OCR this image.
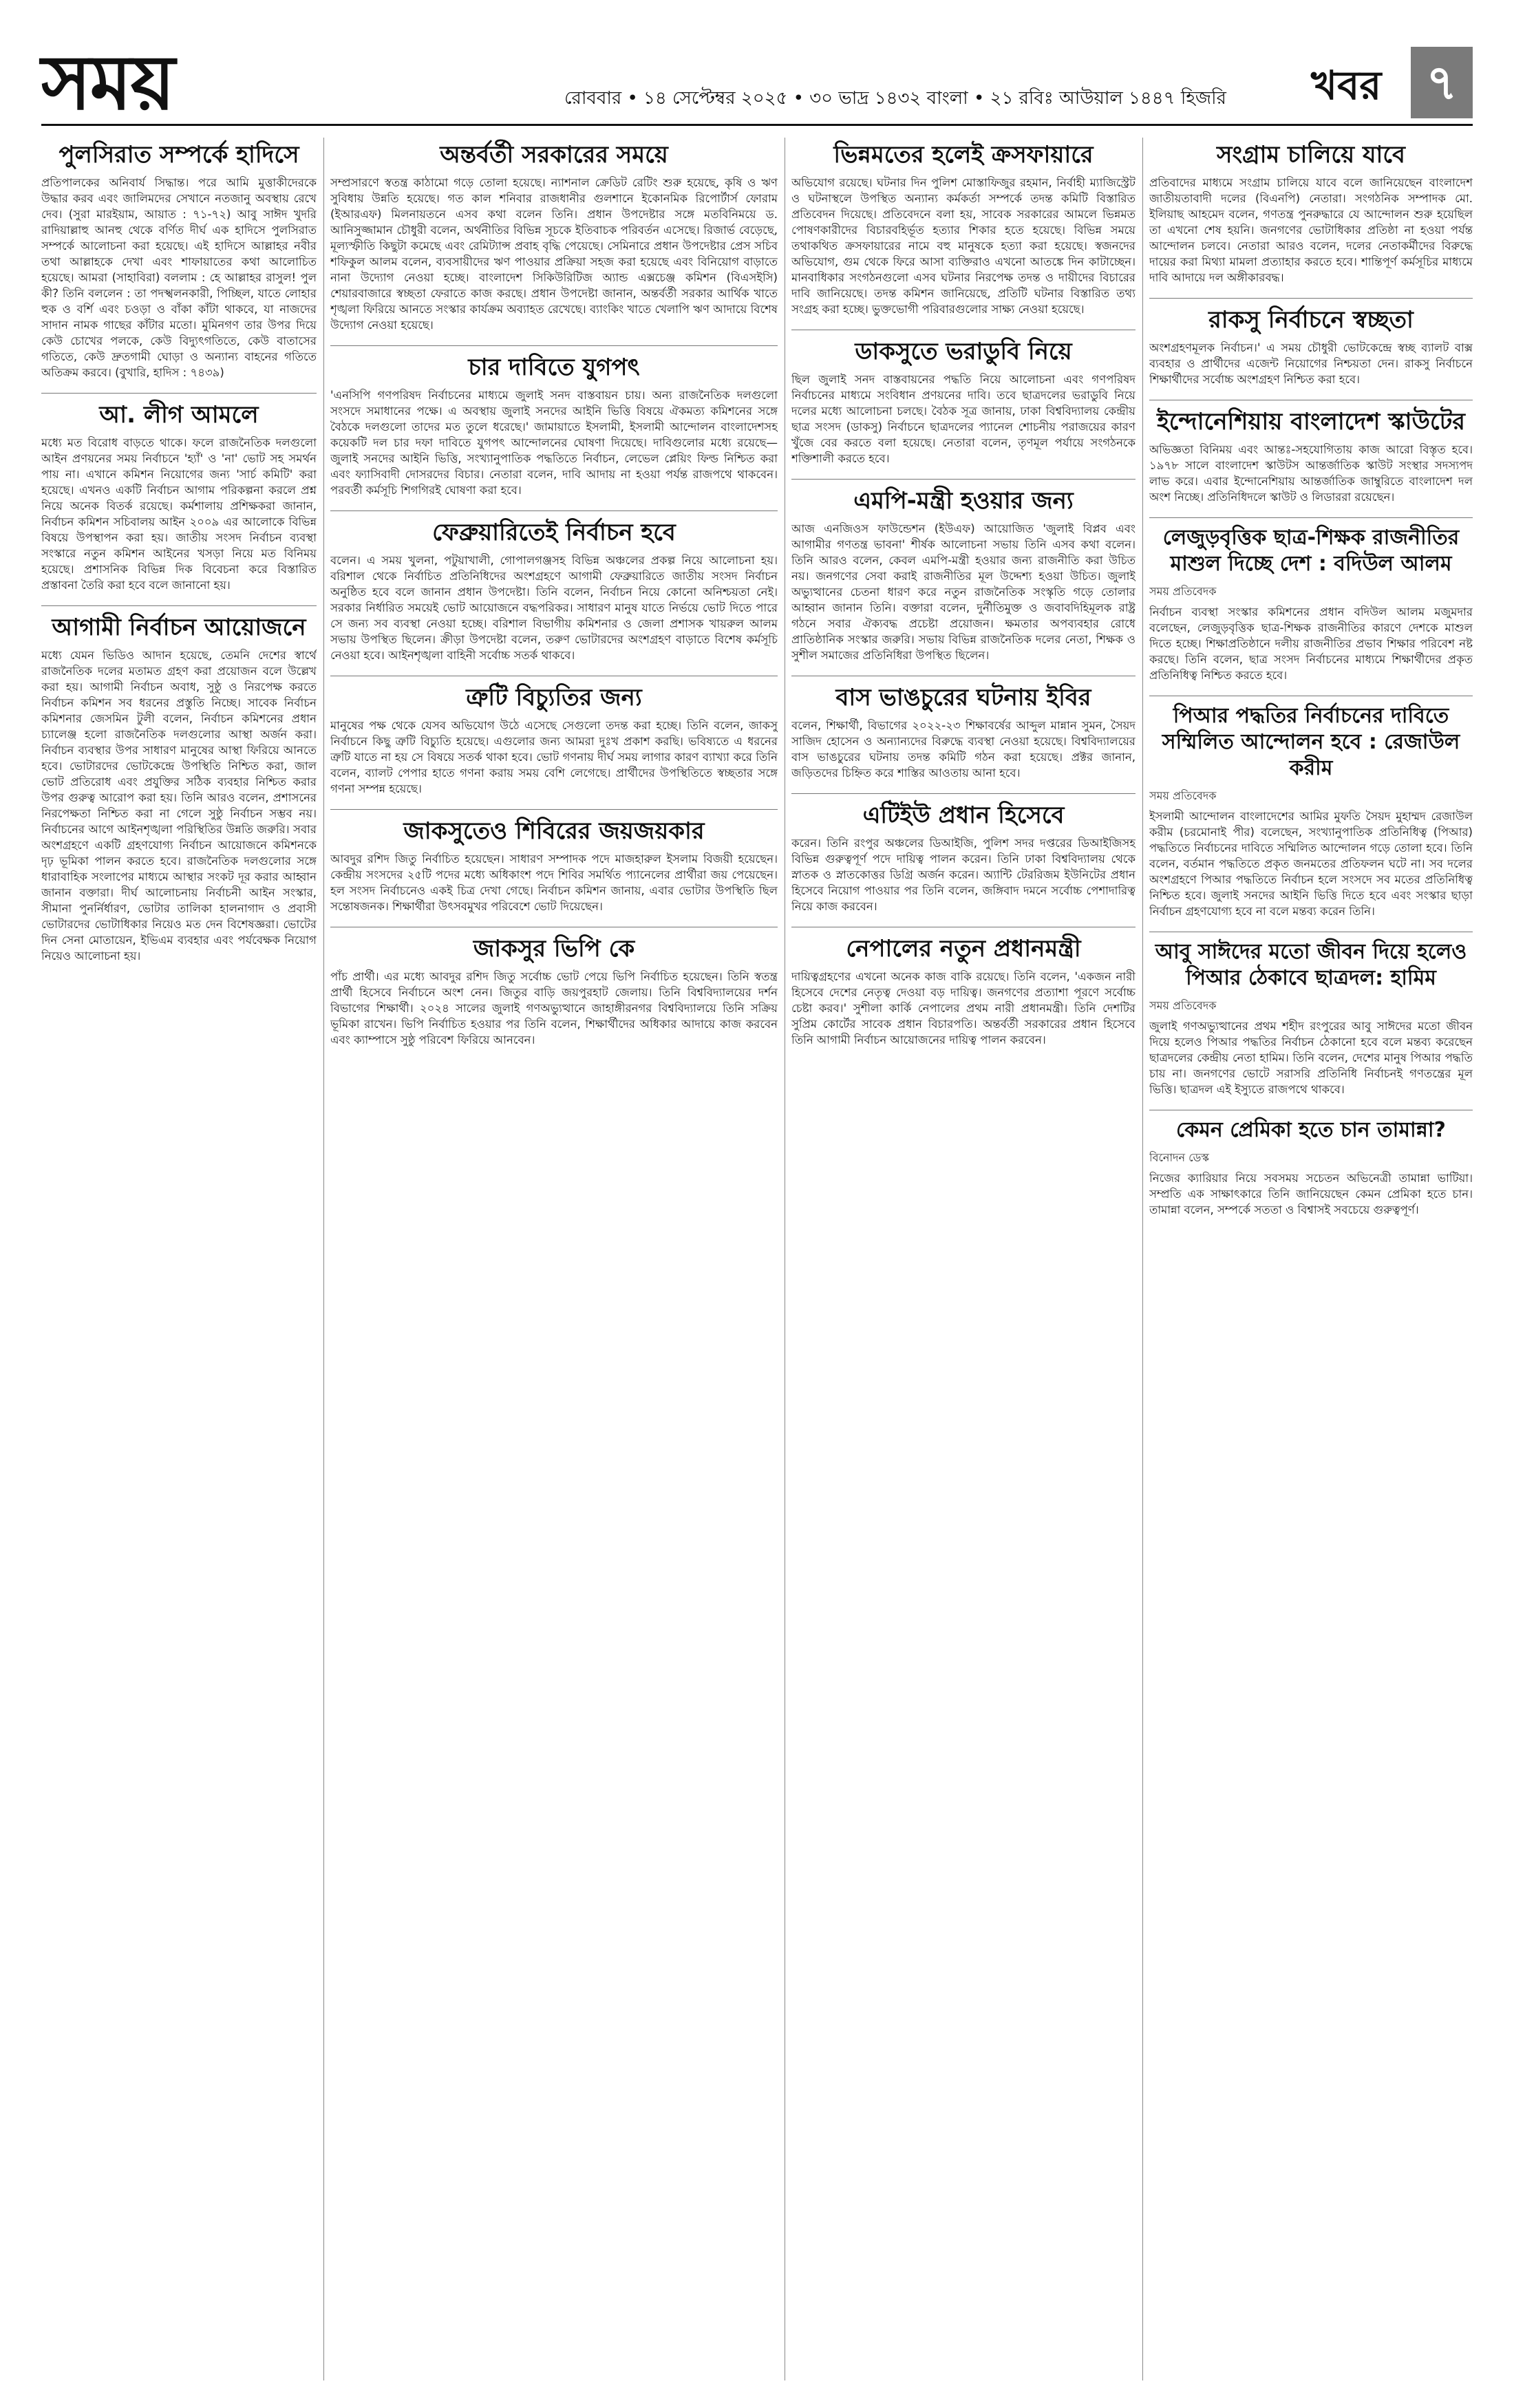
সময়	রোববার • ১৪ সেপ্টেম্বর ২০২৫ • ৩০ ভাদ্র ১৪৩২ বাংলা • ২১ রবিঃ আউয়াল ১৪৪৭ হিজরি খবর ৭
পুলসিরাত সম্পর্কে হাদিসে
প্রতিপালকের অনিবার্য সিদ্ধান্ত। পরে আমি মুত্তাকীদেরকে উদ্ধার করব এবং জালিমদের সেখানে নতজানু অবস্থায় রেখে দেব। (সুরা মারইয়াম, আয়াত : ৭১-৭২) আবু সাঈদ খুদরি রাদিয়াল্লাহু আনহু থেকে বর্ণিত দীর্ঘ এক হাদিসে পুলসিরাত সম্পর্কে আলোচনা করা হয়েছে। এই হাদিসে আল্লাহর নবীর তথা আল্লাহকে দেখা এবং শাফায়াতের কথা আলোচিত হয়েছে। আমরা (সাহাবিরা) বললাম : হে আল্লাহর রাসুল! পুল কী? তিনি বললেন : তা পদস্খলনকারী, পিচ্ছিল, যাতে লোহার হুক ও বর্শি এবং চওড়া ও বাঁকা কাঁটা থাকবে, যা নাজদের সাদান নামক গাছের কাঁটার মতো। মুমিনগণ তার উপর দিয়ে কেউ চোখের পলকে, কেউ বিদ্যুৎগতিতে, কেউ বাতাসের গতিতে, কেউ দ্রুতগামী ঘোড়া ও অন্যান্য বাহনের গতিতে অতিক্রম করবে। (বুখারি, হাদিস : ৭৪৩৯)
আ. লীগ আমলে
মধ্যে মত বিরোধ বাড়তে থাকে। ফলে রাজনৈতিক দলগুলো আইন প্রণয়নের সময় নির্বাচনে 'হ্যাঁ' ও 'না' ভোট সহ সমর্থন পায় না। এখানে কমিশন নিয়োগের জন্য 'সার্চ কমিটি' করা হয়েছে। এখনও একটি নির্বাচন আগাম পরিকল্পনা করলে প্রশ্ন নিয়ে অনেক বিতর্ক রয়েছে। কর্মশালায় প্রশিক্ষকরা জানান, নির্বাচন কমিশন সচিবালয় আইন ২০০৯ এর আলোকে বিভিন্ন বিষয়ে উপস্থাপন করা হয়। জাতীয় সংসদ নির্বাচন ব্যবস্থা সংস্কারে নতুন কমিশন আইনের খসড়া নিয়ে মত বিনিময় হয়েছে। প্রশাসনিক বিভিন্ন দিক বিবেচনা করে বিস্তারিত প্রস্তাবনা তৈরি করা হবে বলে জানানো হয়।
আগামী নির্বাচন আয়োজনে
মধ্যে যেমন ভিডিও আদান হয়েছে, তেমনি দেশের স্বার্থে রাজনৈতিক দলের মতামত গ্রহণ করা প্রয়োজন বলে উল্লেখ করা হয়। আগামী নির্বাচন অবাধ, সুষ্ঠু ও নিরপেক্ষ করতে নির্বাচন কমিশন সব ধরনের প্রস্তুতি নিচ্ছে। সাবেক নির্বাচন কমিশনার জেসমিন টুলী বলেন, নির্বাচন কমিশনের প্রধান চ্যালেঞ্জ হলো রাজনৈতিক দলগুলোর আস্থা অর্জন করা। নির্বাচন ব্যবস্থার উপর সাধারণ মানুষের আস্থা ফিরিয়ে আনতে হবে। ভোটারদের ভোটকেন্দ্রে উপস্থিতি নিশ্চিত করা, জাল ভোট প্রতিরোধ এবং প্রযুক্তির সঠিক ব্যবহার নিশ্চিত করার উপর গুরুত্ব আরোপ করা হয়। তিনি আরও বলেন, প্রশাসনের নিরপেক্ষতা নিশ্চিত করা না গেলে সুষ্ঠু নির্বাচন সম্ভব নয়। নির্বাচনের আগে আইনশৃঙ্খলা পরিস্থিতির উন্নতি জরুরি। সবার অংশগ্রহণে একটি গ্রহণযোগ্য নির্বাচন আয়োজনে কমিশনকে দৃঢ় ভূমিকা পালন করতে হবে। রাজনৈতিক দলগুলোর সঙ্গে ধারাবাহিক সংলাপের মাধ্যমে আস্থার সংকট দূর করার আহ্বান জানান বক্তারা। দীর্ঘ আলোচনায় নির্বাচনী আইন সংস্কার, সীমানা পুনর্নির্ধারণ, ভোটার তালিকা হালনাগাদ ও প্রবাসী ভোটারদের ভোটাধিকার নিয়েও মত দেন বিশেষজ্ঞরা। ভোটের দিন সেনা মোতায়েন, ইভিএম ব্যবহার এবং পর্যবেক্ষক নিয়োগ নিয়েও আলোচনা হয়।
অন্তর্বর্তী সরকারের সময়ে
সম্প্রসারণে স্বতন্ত্র কাঠামো গড়ে তোলা হয়েছে। ন্যাশনাল ক্রেডিট রেটিং শুরু হয়েছে, কৃষি ও ঋণ সুবিধায় উন্নতি হয়েছে। গত কাল শনিবার রাজধানীর গুলশানে ইকোনমিক রিপোর্টার্স ফোরাম (ইআরএফ) মিলনায়তনে এসব কথা বলেন তিনি। প্রধান উপদেষ্টার সঙ্গে মতবিনিময়ে ড. আনিসুজ্জামান চৌধুরী বলেন, অর্থনীতির বিভিন্ন সূচকে ইতিবাচক পরিবর্তন এসেছে। রিজার্ভ বেড়েছে, মূল্যস্ফীতি কিছুটা কমেছে এবং রেমিট্যান্স প্রবাহ বৃদ্ধি পেয়েছে। সেমিনারে প্রধান উপদেষ্টার প্রেস সচিব শফিকুল আলম বলেন, ব্যবসায়ীদের ঋণ পাওয়ার প্রক্রিয়া সহজ করা হয়েছে এবং বিনিয়োগ বাড়াতে নানা উদ্যোগ নেওয়া হচ্ছে। বাংলাদেশ সিকিউরিটিজ অ্যান্ড এক্সচেঞ্জ কমিশন (বিএসইসি) শেয়ারবাজারে স্বচ্ছতা ফেরাতে কাজ করছে। প্রধান উপদেষ্টা জানান, অন্তর্বর্তী সরকার আর্থিক খাতে শৃঙ্খলা ফিরিয়ে আনতে সংস্কার কার্যক্রম অব্যাহত রেখেছে। ব্যাংকিং খাতে খেলাপি ঋণ আদায়ে বিশেষ উদ্যোগ নেওয়া হয়েছে।
চার দাবিতে যুগপৎ
'এনসিপি গণপরিষদ নির্বাচনের মাধ্যমে জুলাই সনদ বাস্তবায়ন চায়। অন্য রাজনৈতিক দলগুলো সংসদে সমাধানের পক্ষে। এ অবস্থায় জুলাই সনদের আইনি ভিত্তি বিষয়ে ঐকমত্য কমিশনের সঙ্গে বৈঠকে দলগুলো তাদের মত তুলে ধরেছে।' জামায়াতে ইসলামী, ইসলামী আন্দোলন বাংলাদেশসহ কয়েকটি দল চার দফা দাবিতে যুগপৎ আন্দোলনের ঘোষণা দিয়েছে। দাবিগুলোর মধ্যে রয়েছে— জুলাই সনদের আইনি ভিত্তি, সংখ্যানুপাতিক পদ্ধতিতে নির্বাচন, লেভেল প্লেয়িং ফিল্ড নিশ্চিত করা এবং ফ্যাসিবাদী দোসরদের বিচার। নেতারা বলেন, দাবি আদায় না হওয়া পর্যন্ত রাজপথে থাকবেন। পরবর্তী কর্মসূচি শিগগিরই ঘোষণা করা হবে।
ফেব্রুয়ারিতেই নির্বাচন হবে
বলেন। এ সময় খুলনা, পটুয়াখালী, গোপালগঞ্জসহ বিভিন্ন অঞ্চলের প্রকল্প নিয়ে আলোচনা হয়। বরিশাল থেকে নির্বাচিত প্রতিনিধিদের অংশগ্রহণে আগামী ফেব্রুয়ারিতে জাতীয় সংসদ নির্বাচন অনুষ্ঠিত হবে বলে জানান প্রধান উপদেষ্টা। তিনি বলেন, নির্বাচন নিয়ে কোনো অনিশ্চয়তা নেই। সরকার নির্ধারিত সময়েই ভোট আয়োজনে বদ্ধপরিকর। সাধারণ মানুষ যাতে নির্ভয়ে ভোট দিতে পারে সে জন্য সব ব্যবস্থা নেওয়া হচ্ছে। বরিশাল বিভাগীয় কমিশনার ও জেলা প্রশাসক খায়রুল আলম সভায় উপস্থিত ছিলেন। ক্রীড়া উপদেষ্টা বলেন, তরুণ ভোটারদের অংশগ্রহণ বাড়াতে বিশেষ কর্মসূচি নেওয়া হবে। আইনশৃঙ্খলা বাহিনী সর্বোচ্চ সতর্ক থাকবে।
ত্রুটি বিচ্যুতির জন্য
মানুষের পক্ষ থেকে যেসব অভিযোগ উঠে এসেছে সেগুলো তদন্ত করা হচ্ছে। তিনি বলেন, জাকসু নির্বাচনে কিছু ত্রুটি বিচ্যুতি হয়েছে। এগুলোর জন্য আমরা দুঃখ প্রকাশ করছি। ভবিষ্যতে এ ধরনের ত্রুটি যাতে না হয় সে বিষয়ে সতর্ক থাকা হবে। ভোট গণনায় দীর্ঘ সময় লাগার কারণ ব্যাখ্যা করে তিনি বলেন, ব্যালট পেপার হাতে গণনা করায় সময় বেশি লেগেছে। প্রার্থীদের উপস্থিতিতে স্বচ্ছতার সঙ্গে গণনা সম্পন্ন হয়েছে।
জাকসুতেও শিবিরের জয়জয়কার
আবদুর রশিদ জিতু নির্বাচিত হয়েছেন। সাধারণ সম্পাদক পদে মাজহারুল ইসলাম বিজয়ী হয়েছেন। কেন্দ্রীয় সংসদের ২৫টি পদের মধ্যে অধিকাংশ পদে শিবির সমর্থিত প্যানেলের প্রার্থীরা জয় পেয়েছেন। হল সংসদ নির্বাচনেও একই চিত্র দেখা গেছে। নির্বাচন কমিশন জানায়, এবার ভোটার উপস্থিতি ছিল সন্তোষজনক। শিক্ষার্থীরা উৎসবমুখর পরিবেশে ভোট দিয়েছেন।
জাকসুর ভিপি কে
পাঁচ প্রার্থী। এর মধ্যে আবদুর রশিদ জিতু সর্বোচ্চ ভোট পেয়ে ভিপি নির্বাচিত হয়েছেন। তিনি স্বতন্ত্র প্রার্থী হিসেবে নির্বাচনে অংশ নেন। জিতুর বাড়ি জয়পুরহাট জেলায়। তিনি বিশ্ববিদ্যালয়ের দর্শন বিভাগের শিক্ষার্থী। ২০২৪ সালের জুলাই গণঅভ্যুত্থানে জাহাঙ্গীরনগর বিশ্ববিদ্যালয়ে তিনি সক্রিয় ভূমিকা রাখেন। ভিপি নির্বাচিত হওয়ার পর তিনি বলেন, শিক্ষার্থীদের অধিকার আদায়ে কাজ করবেন এবং ক্যাম্পাসে সুষ্ঠু পরিবেশ ফিরিয়ে আনবেন।
ভিন্নমতের হলেই ক্রসফায়ারে
অভিযোগ রয়েছে। ঘটনার দিন পুলিশ মোস্তাফিজুর রহমান, নির্বাহী ম্যাজিস্ট্রেট ও ঘটনাস্থলে উপস্থিত অন্যান্য কর্মকর্তা সম্পর্কে তদন্ত কমিটি বিস্তারিত প্রতিবেদন দিয়েছে। প্রতিবেদনে বলা হয়, সাবেক সরকারের আমলে ভিন্নমত পোষণকারীদের বিচারবহির্ভূত হত্যার শিকার হতে হয়েছে। বিভিন্ন সময়ে তথাকথিত ক্রসফায়ারের নামে বহু মানুষকে হত্যা করা হয়েছে। স্বজনদের অভিযোগ, গুম থেকে ফিরে আসা ব্যক্তিরাও এখনো আতঙ্কে দিন কাটাচ্ছেন। মানবাধিকার সংগঠনগুলো এসব ঘটনার নিরপেক্ষ তদন্ত ও দায়ীদের বিচারের দাবি জানিয়েছে। তদন্ত কমিশন জানিয়েছে, প্রতিটি ঘটনার বিস্তারিত তথ্য সংগ্রহ করা হচ্ছে। ভুক্তভোগী পরিবারগুলোর সাক্ষ্য নেওয়া হয়েছে।
ডাকসুতে ভরাডুবি নিয়ে
ছিল জুলাই সনদ বাস্তবায়নের পদ্ধতি নিয়ে আলোচনা এবং গণপরিষদ নির্বাচনের মাধ্যমে সংবিধান প্রণয়নের দাবি। তবে ছাত্রদলের ভরাডুবি নিয়ে দলের মধ্যে আলোচনা চলছে। বৈঠক সূত্র জানায়, ঢাকা বিশ্ববিদ্যালয় কেন্দ্রীয় ছাত্র সংসদ (ডাকসু) নির্বাচনে ছাত্রদলের প্যানেল শোচনীয় পরাজয়ের কারণ খুঁজে বের করতে বলা হয়েছে। নেতারা বলেন, তৃণমূল পর্যায়ে সংগঠনকে শক্তিশালী করতে হবে।
এমপি-মন্ত্রী হওয়ার জন্য
আজ এনজিওস ফাউন্ডেশন (ইউএফ) আয়োজিত 'জুলাই বিপ্লব এবং আগামীর গণতন্ত্র ভাবনা' শীর্ষক আলোচনা সভায় তিনি এসব কথা বলেন। তিনি আরও বলেন, কেবল এমপি-মন্ত্রী হওয়ার জন্য রাজনীতি করা উচিত নয়। জনগণের সেবা করাই রাজনীতির মূল উদ্দেশ্য হওয়া উচিত। জুলাই অভ্যুত্থানের চেতনা ধারণ করে নতুন রাজনৈতিক সংস্কৃতি গড়ে তোলার আহ্বান জানান তিনি। বক্তারা বলেন, দুর্নীতিমুক্ত ও জবাবদিহিমূলক রাষ্ট্র গঠনে সবার ঐক্যবদ্ধ প্রচেষ্টা প্রয়োজন। ক্ষমতার অপব্যবহার রোধে প্রাতিষ্ঠানিক সংস্কার জরুরি। সভায় বিভিন্ন রাজনৈতিক দলের নেতা, শিক্ষক ও সুশীল সমাজের প্রতিনিধিরা উপস্থিত ছিলেন।
বাস ভাঙচুরের ঘটনায় ইবির
বলেন, শিক্ষার্থী, বিভাগের ২০২২-২৩ শিক্ষাবর্ষের আব্দুল মান্নান সুমন, সৈয়দ সাজিদ হোসেন ও অন্যান্যদের বিরুদ্ধে ব্যবস্থা নেওয়া হয়েছে। বিশ্ববিদ্যালয়ের বাস ভাঙচুরের ঘটনায় তদন্ত কমিটি গঠন করা হয়েছে। প্রক্টর জানান, জড়িতদের চিহ্নিত করে শাস্তির আওতায় আনা হবে।
এটিইউ প্রধান হিসেবে
করেন। তিনি রংপুর অঞ্চলের ডিআইজি, পুলিশ সদর দপ্তরের ডিআইজিসহ বিভিন্ন গুরুত্বপূর্ণ পদে দায়িত্ব পালন করেন। তিনি ঢাকা বিশ্ববিদ্যালয় থেকে স্নাতক ও স্নাতকোত্তর ডিগ্রি অর্জন করেন। অ্যান্টি টেররিজম ইউনিটের প্রধান হিসেবে নিয়োগ পাওয়ার পর তিনি বলেন, জঙ্গিবাদ দমনে সর্বোচ্চ পেশাদারিত্ব নিয়ে কাজ করবেন।
নেপালের নতুন প্রধানমন্ত্রী
দায়িত্বগ্রহণের এখনো অনেক কাজ বাকি রয়েছে। তিনি বলেন, 'একজন নারী হিসেবে দেশের নেতৃত্ব দেওয়া বড় দায়িত্ব। জনগণের প্রত্যাশা পূরণে সর্বোচ্চ চেষ্টা করব।' সুশীলা কার্কি নেপালের প্রথম নারী প্রধানমন্ত্রী। তিনি দেশটির সুপ্রিম কোর্টের সাবেক প্রধান বিচারপতি। অন্তর্বর্তী সরকারের প্রধান হিসেবে তিনি আগামী নির্বাচন আয়োজনের দায়িত্ব পালন করবেন।
সংগ্রাম চালিয়ে যাবে
প্রতিবাদের মাধ্যমে সংগ্রাম চালিয়ে যাবে বলে জানিয়েছেন বাংলাদেশ জাতীয়তাবাদী দলের (বিএনপি) নেতারা। সংগঠনিক সম্পাদক মো. ইলিয়াছ আহমেদ বলেন, গণতন্ত্র পুনরুদ্ধারে যে আন্দোলন শুরু হয়েছিল তা এখনো শেষ হয়নি। জনগণের ভোটাধিকার প্রতিষ্ঠা না হওয়া পর্যন্ত আন্দোলন চলবে। নেতারা আরও বলেন, দলের নেতাকর্মীদের বিরুদ্ধে দায়ের করা মিথ্যা মামলা প্রত্যাহার করতে হবে। শান্তিপূর্ণ কর্মসূচির মাধ্যমে দাবি আদায়ে দল অঙ্গীকারবদ্ধ।
রাকসু নির্বাচনে স্বচ্ছতা
অংশগ্রহণমূলক নির্বাচন।' এ সময় চৌধুরী ভোটকেন্দ্রে স্বচ্ছ ব্যালট বাক্স ব্যবহার ও প্রার্থীদের এজেন্ট নিয়োগের নিশ্চয়তা দেন। রাকসু নির্বাচনে শিক্ষার্থীদের সর্বোচ্চ অংশগ্রহণ নিশ্চিত করা হবে।
ইন্দোনেশিয়ায় বাংলাদেশ স্কাউটের
অভিজ্ঞতা বিনিময় এবং আন্তঃ-সহযোগিতায় কাজ আরো বিস্তৃত হবে। ১৯৭৮ সালে বাংলাদেশ স্কাউটস আন্তর্জাতিক স্কাউট সংস্থার সদস্যপদ লাভ করে। এবার ইন্দোনেশিয়ায় আন্তর্জাতিক জাম্বুরিতে বাংলাদেশ দল অংশ নিচ্ছে। প্রতিনিধিদলে স্কাউট ও লিডাররা রয়েছেন।
লেজুড়বৃত্তিক ছাত্র-শিক্ষক রাজনীতির মাশুল দিচ্ছে দেশ : বদিউল আলম
সময় প্রতিবেদক
নির্বাচন ব্যবস্থা সংস্কার কমিশনের প্রধান বদিউল আলম মজুমদার বলেছেন, লেজুড়বৃত্তিক ছাত্র-শিক্ষক রাজনীতির কারণে দেশকে মাশুল দিতে হচ্ছে। শিক্ষাপ্রতিষ্ঠানে দলীয় রাজনীতির প্রভাব শিক্ষার পরিবেশ নষ্ট করছে। তিনি বলেন, ছাত্র সংসদ নির্বাচনের মাধ্যমে শিক্ষার্থীদের প্রকৃত প্রতিনিধিত্ব নিশ্চিত করতে হবে।
পিআর পদ্ধতির নির্বাচনের দাবিতে সম্মিলিত আন্দোলন হবে : রেজাউল করীম
সময় প্রতিবেদক
ইসলামী আন্দোলন বাংলাদেশের আমির মুফতি সৈয়দ মুহাম্মদ রেজাউল করীম (চরমোনাই পীর) বলেছেন, সংখ্যানুপাতিক প্রতিনিধিত্ব (পিআর) পদ্ধতিতে নির্বাচনের দাবিতে সম্মিলিত আন্দোলন গড়ে তোলা হবে। তিনি বলেন, বর্তমান পদ্ধতিতে প্রকৃত জনমতের প্রতিফলন ঘটে না। সব দলের অংশগ্রহণে পিআর পদ্ধতিতে নির্বাচন হলে সংসদে সব মতের প্রতিনিধিত্ব নিশ্চিত হবে। জুলাই সনদের আইনি ভিত্তি দিতে হবে এবং সংস্কার ছাড়া নির্বাচন গ্রহণযোগ্য হবে না বলে মন্তব্য করেন তিনি।
আবু সাঈদের মতো জীবন দিয়ে হলেও পিআর ঠেকাবে ছাত্রদল: হামিম
সময় প্রতিবেদক
জুলাই গণঅভ্যুত্থানের প্রথম শহীদ রংপুরের আবু সাঈদের মতো জীবন দিয়ে হলেও পিআর পদ্ধতির নির্বাচন ঠেকানো হবে বলে মন্তব্য করেছেন ছাত্রদলের কেন্দ্রীয় নেতা হামিম। তিনি বলেন, দেশের মানুষ পিআর পদ্ধতি চায় না। জনগণের ভোটে সরাসরি প্রতিনিধি নির্বাচনই গণতন্ত্রের মূল ভিত্তি। ছাত্রদল এই ইস্যুতে রাজপথে থাকবে।
কেমন প্রেমিকা হতে চান তামান্না?
বিনোদন ডেস্ক
নিজের ক্যারিয়ার নিয়ে সবসময় সচেতন অভিনেত্রী তামান্না ভাটিয়া। সম্প্রতি এক সাক্ষাৎকারে তিনি জানিয়েছেন কেমন প্রেমিকা হতে চান। তামান্না বলেন, সম্পর্কে সততা ও বিশ্বাসই সবচেয়ে গুরুত্বপূর্ণ।
